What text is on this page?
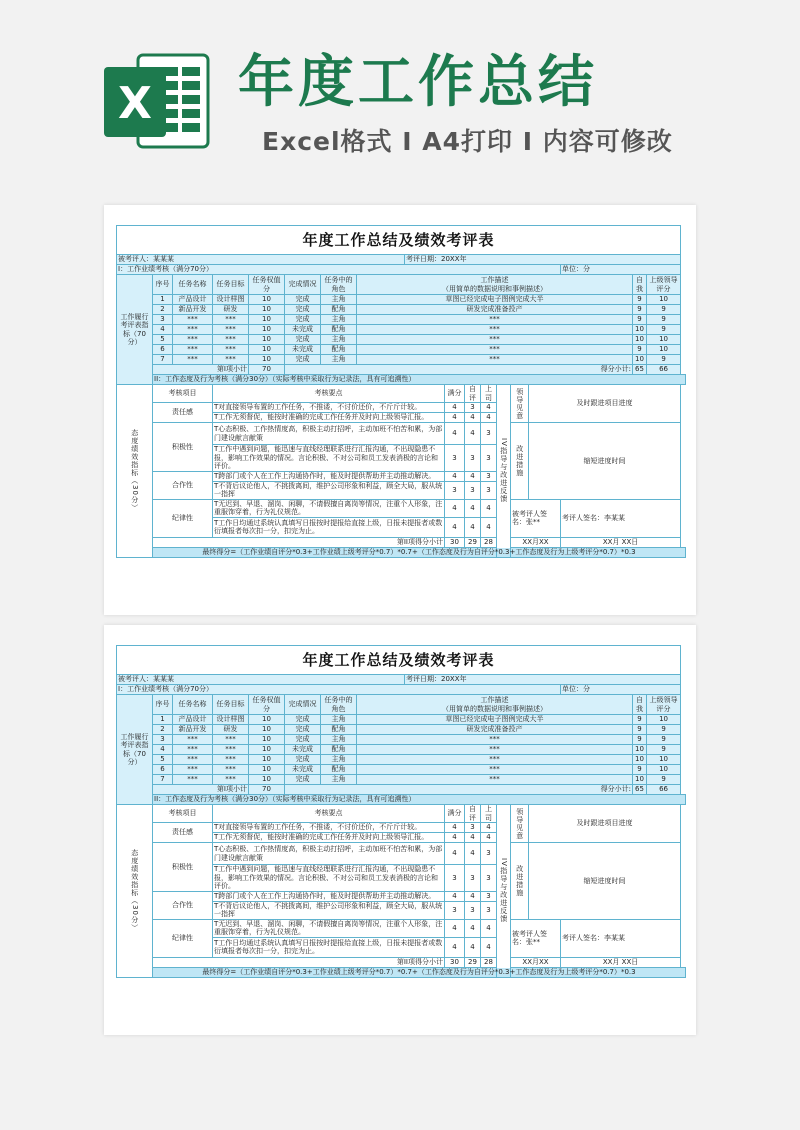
X 年度工作总结
Excel格式 I A4打印 I 内容可修改
年度工作总结及绩效考评表																	
被考评人：某某某								考评日期：20XX年									
I：工作业绩考核（满分70分）															单位：分		
工作履行考评表指标（70分）	序号	任务名称	任务目标	任务权值分	完成情况	任务中的角色	工作描述
（用简单的数据说明和事例描述）									自我	上级领导评分
	1	产品设计	设计样图	10	完成	主角	草图已经完成电子图例完成大半									9	10
	2	新品开发	研发	10	完成	配角	研发完成准备投产									9	9
	3	***	***	10	完成	主角	***									9	9
	4	***	***	10	未完成	配角	***									10	9
	5	***	***	10	完成	主角	***									10	10
	6	***	***	10	未完成	配角	***									9	10
	7	***	***	10	完成	主角	***									10	9
	第I项小计			70	得分小计:											65	66
	II：工作态度及行为考核（满分30分）（实际考核中采取行为记录法，具有可追溯性）																
态度绩效指标（30分）	考核项目		考核要点						满分	自评	上司	IV指导与改进反馈	领导见意	及时跟进项目进度			
	责任感		T对直接领导布置的工作任务，不推诿，不讨价还价，不斤斤计较。						4	3	4						
			T工作无须督促，能按时准确的完成工作任务并及时向上级领导汇报。						4	4	4						
	积极性		T心态积极、工作热情度高，积极主动打招呼，主动加班不怕苦和累，为部门建设献言献策						4	4	3		改进措施	缩短进度时间			
			T工作中遇到问题，能迅速与直线经理联系进行汇报沟通，不出现隐患不报，影响工作效果的情况。言论积极、不对公司和员工发表消极的言论和评价。						3	3	3						
	合作性		T跨部门或个人在工作上沟通协作时，能及时提供帮助并主动推动解决。						4	4	3						
			T不背后议论他人，不挑拨离间，维护公司形象和利益，顾全大局，服从统一指挥						3	3	3						
	纪律性		T无迟到、早退、溜岗、闲聊，不请假擅自离岗等情况，注重个人形象，注重服饰穿着，行为礼仪规范。						4	4	4		被考评人签名：张**		考评人签名：李某某		
			T工作日均通过系统认真填写日报按时提报给直接上级，日报未提报者或数衍填报者每次扣一分，扣完为止。						4	4	4						
	第II项得分小计								30	29	28		XX月XX		XX月 XX日		
	最终得分=（工作业绩自评分*0.3+工作业绩上级考评分*0.7）*0.7+（工作态度及行为自评分*0.3+工作态度及行为上级考评分*0.7）*0.3																
年度工作总结及绩效考评表																	
被考评人：某某某								考评日期：20XX年									
I：工作业绩考核（满分70分）															单位：分		
工作履行考评表指标（70分）	序号	任务名称	任务目标	任务权值分	完成情况	任务中的角色	工作描述
（用简单的数据说明和事例描述）									自我	上级领导评分
	1	产品设计	设计样图	10	完成	主角	草图已经完成电子图例完成大半									9	10
	2	新品开发	研发	10	完成	配角	研发完成准备投产									9	9
	3	***	***	10	完成	主角	***									9	9
	4	***	***	10	未完成	配角	***									10	9
	5	***	***	10	完成	主角	***									10	10
	6	***	***	10	未完成	配角	***									9	10
	7	***	***	10	完成	主角	***									10	9
	第I项小计			70	得分小计:											65	66
	II：工作态度及行为考核（满分30分）（实际考核中采取行为记录法，具有可追溯性）																
态度绩效指标（30分）	考核项目		考核要点						满分	自评	上司	IV指导与改进反馈	领导见意	及时跟进项目进度			
	责任感		T对直接领导布置的工作任务，不推诿，不讨价还价，不斤斤计较。						4	3	4						
			T工作无须督促，能按时准确的完成工作任务并及时向上级领导汇报。						4	4	4						
	积极性		T心态积极、工作热情度高，积极主动打招呼，主动加班不怕苦和累，为部门建设献言献策						4	4	3		改进措施	缩短进度时间			
			T工作中遇到问题，能迅速与直线经理联系进行汇报沟通，不出现隐患不报，影响工作效果的情况。言论积极、不对公司和员工发表消极的言论和评价。						3	3	3						
	合作性		T跨部门或个人在工作上沟通协作时，能及时提供帮助并主动推动解决。						4	4	3						
			T不背后议论他人，不挑拨离间，维护公司形象和利益，顾全大局，服从统一指挥						3	3	3						
	纪律性		T无迟到、早退、溜岗、闲聊，不请假擅自离岗等情况，注重个人形象，注重服饰穿着，行为礼仪规范。						4	4	4		被考评人签名：张**		考评人签名：李某某		
			T工作日均通过系统认真填写日报按时提报给直接上级，日报未提报者或数衍填报者每次扣一分，扣完为止。						4	4	4						
	第II项得分小计								30	29	28		XX月XX		XX月 XX日		
	最终得分=（工作业绩自评分*0.3+工作业绩上级考评分*0.7）*0.7+（工作态度及行为自评分*0.3+工作态度及行为上级考评分*0.7）*0.3																
